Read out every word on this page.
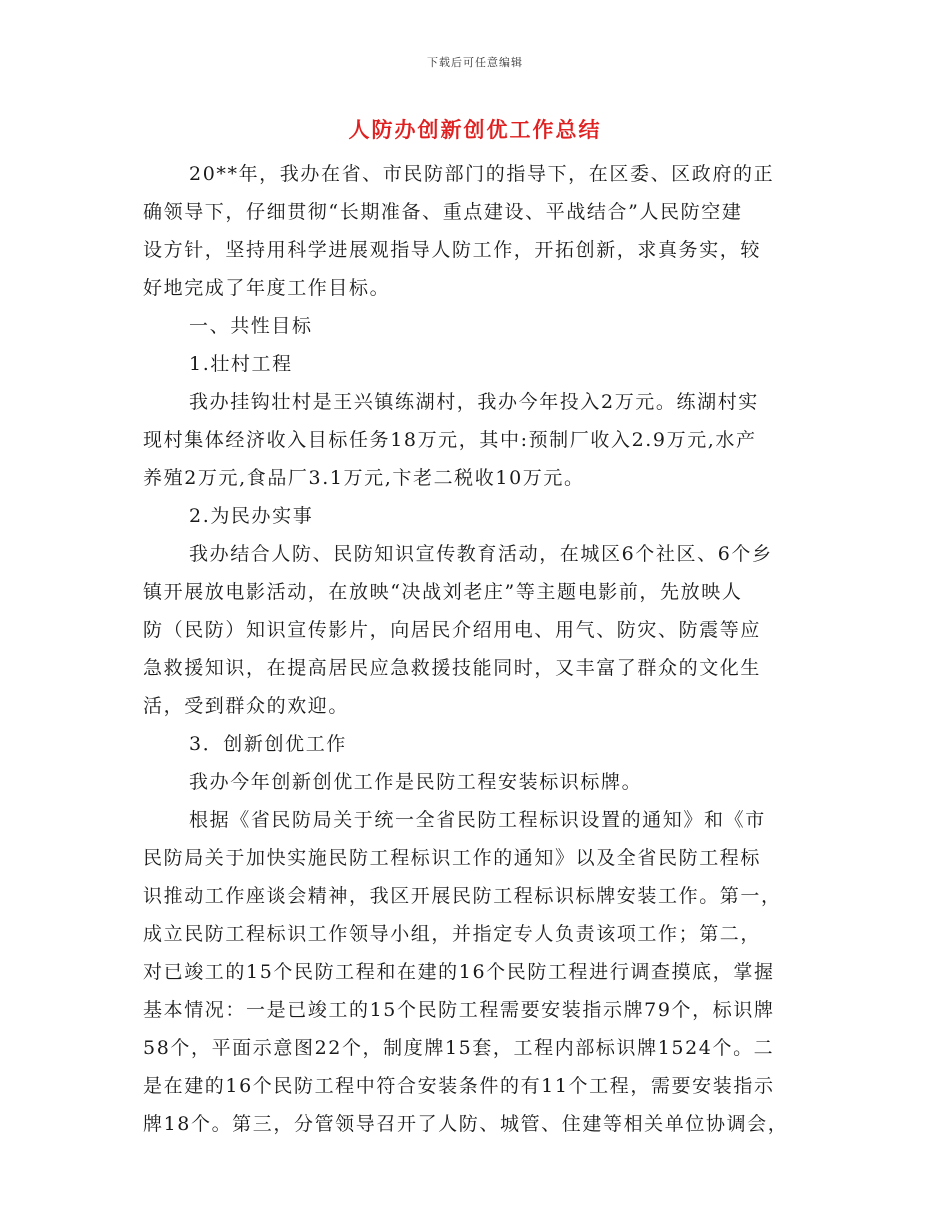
下载后可任意编辑
人防办创新创优工作总结
20**年，我办在省、市民防部门的指导下，在区委、区政府的正
确领导下，仔细贯彻“长期准备、重点建设、平战结合”人民防空建
设方针，坚持用科学进展观指导人防工作，开拓创新，求真务实，较
好地完成了年度工作目标。
一、共性目标
1.壮村工程
我办挂钩壮村是王兴镇练湖村，我办今年投入2万元。练湖村实
现村集体经济收入目标任务18万元，其中:预制厂收入2.9万元,水产
养殖2万元,食品厂3.1万元,卞老二税收10万元。
2.为民办实事
我办结合人防、民防知识宣传教育活动，在城区6个社区、6个乡
镇开展放电影活动，在放映“决战刘老庄”等主题电影前，先放映人
防（民防）知识宣传影片，向居民介绍用电、用气、防灾、防震等应
急救援知识，在提高居民应急救援技能同时，又丰富了群众的文化生
活，受到群众的欢迎。
3．创新创优工作
我办今年创新创优工作是民防工程安装标识标牌。
根据《省民防局关于统一全省民防工程标识设置的通知》和《市
民防局关于加快实施民防工程标识工作的通知》以及全省民防工程标
识推动工作座谈会精神，我区开展民防工程标识标牌安装工作。第一，
成立民防工程标识工作领导小组，并指定专人负责该项工作；第二，
对已竣工的15个民防工程和在建的16个民防工程进行调查摸底，掌握
基本情况：一是已竣工的15个民防工程需要安装指示牌79个，标识牌
58个，平面示意图22个，制度牌15套，工程内部标识牌1524个。二
是在建的16个民防工程中符合安装条件的有11个工程，需要安装指示
牌18个。第三，分管领导召开了人防、城管、住建等相关单位协调会，
